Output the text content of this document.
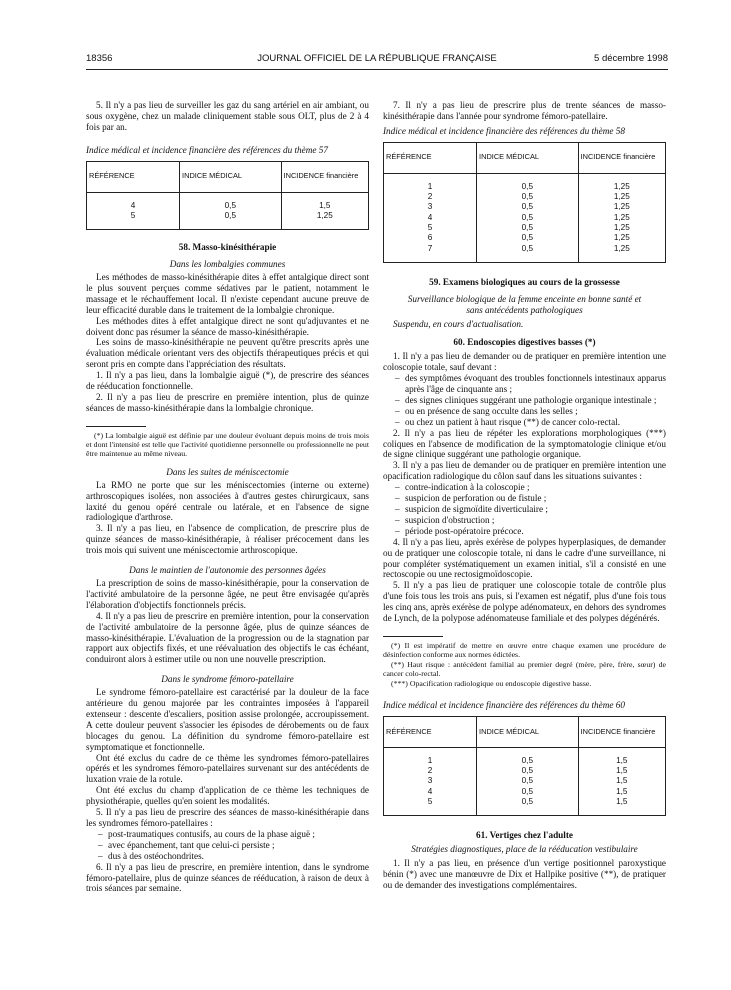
18356	JOURNAL OFFICIEL DE LA RÉPUBLIQUE FRANÇAISE	5 décembre 1998

5. Il n'y a pas lieu de surveiller les gaz du sang artériel en air ambiant, ou sous oxygène, chez un malade cliniquement stable sous OLT, plus de 2 à 4 fois par an.

Indice médical et incidence financière des références du thème 57

RÉFÉRENCE	INDICE MÉDICAL	INCIDENCE financière

4	0,5	1,5
5	0,5	1,25

58. Masso-kinésithérapie

Dans les lombalgies communes

Les méthodes de masso-kinésithérapie dites à effet antalgique direct sont le plus souvent perçues comme sédatives par le patient, notamment le massage et le réchauffement local. Il n'existe cependant aucune preuve de leur efficacité durable dans le traitement de la lombalgie chronique.

Les méthodes dites à effet antalgique direct ne sont qu'adjuvantes et ne doivent donc pas résumer la séance de masso-kinésithérapie.

Les soins de masso-kinésithérapie ne peuvent qu'être prescrits après une évaluation médicale orientant vers des objectifs thérapeutiques précis et qui seront pris en compte dans l'appréciation des résultats.

1. Il n'y a pas lieu, dans la lombalgie aiguë (*), de prescrire des séances de rééducation fonctionnelle.

2. Il n'y a pas lieu de prescrire en première intention, plus de quinze séances de masso-kinésithérapie dans la lombalgie chronique.

(*) La lombalgie aiguë est définie par une douleur évoluant depuis moins de trois mois et dont l'intensité est telle que l'activité quotidienne personnelle ou professionnelle ne peut être maintenue au même niveau.

Dans les suites de méniscectomie

La RMO ne porte que sur les méniscectomies (interne ou externe) arthroscopiques isolées, non associées à d'autres gestes chirurgicaux, sans laxité du genou opéré centrale ou latérale, et en l'absence de signe radiologique d'arthrose.

3. Il n'y a pas lieu, en l'absence de complication, de prescrire plus de quinze séances de masso-kinésithérapie, à réaliser précocement dans les trois mois qui suivent une méniscectomie arthroscopique.

Dans le maintien de l'autonomie des personnes âgées

La prescription de soins de masso-kinésithérapie, pour la conservation de l'activité ambulatoire de la personne âgée, ne peut être envisagée qu'après l'élaboration d'objectifs fonctionnels précis.

4. Il n'y a pas lieu de prescrire en première intention, pour la conservation de l'activité ambulatoire de la personne âgée, plus de quinze séances de masso-kinésithérapie. L'évaluation de la progression ou de la stagnation par rapport aux objectifs fixés, et une réévaluation des objectifs le cas échéant, conduiront alors à estimer utile ou non une nouvelle prescription.

Dans le syndrome fémoro-patellaire

Le syndrome fémoro-patellaire est caractérisé par la douleur de la face antérieure du genou majorée par les contraintes imposées à l'appareil extenseur : descente d'escaliers, position assise prolongée, accroupissement. A cette douleur peuvent s'associer les épisodes de dérobements ou de faux blocages du genou. La définition du syndrome fémoro-patellaire est symptomatique et fonctionnelle.

Ont été exclus du cadre de ce thème les syndromes fémoro-patellaires opérés et les syndromes fémoro-patellaires survenant sur des antécédents de luxation vraie de la rotule.

Ont été exclus du champ d'application de ce thème les techniques de physiothérapie, quelles qu'en soient les modalités.

5. Il n'y a pas lieu de prescrire des séances de masso-kinésithérapie dans les syndromes fémoro-patellaires :

– post-traumatiques contusifs, au cours de la phase aiguë ;
– avec épanchement, tant que celui-ci persiste ;
– dus à des ostéochondrites.

6. Il n'y a pas lieu de prescrire, en première intention, dans le syndrome fémoro-patellaire, plus de quinze séances de rééducation, à raison de deux à trois séances par semaine.

7. Il n'y a pas lieu de prescrire plus de trente séances de masso-kinésithérapie dans l'année pour syndrome fémoro-patellaire.

Indice médical et incidence financière des références du thème 58

RÉFÉRENCE	INDICE MÉDICAL	INCIDENCE financière

1	0,5	1,25
2	0,5	1,25
3	0,5	1,25
4	0,5	1,25
5	0,5	1,25
6	0,5	1,25
7	0,5	1,25

59. Examens biologiques au cours de la grossesse

Surveillance biologique de la femme enceinte en bonne santé et sans antécédents pathologiques

Suspendu, en cours d'actualisation.

60. Endoscopies digestives basses (*)

1. Il n'y a pas lieu de demander ou de pratiquer en première intention une coloscopie totale, sauf devant :

– des symptômes évoquant des troubles fonctionnels intestinaux apparus après l'âge de cinquante ans ;
– des signes cliniques suggérant une pathologie organique intestinale ;
– ou en présence de sang occulte dans les selles ;
– ou chez un patient à haut risque (**) de cancer colo-rectal.

2. Il n'y a pas lieu de répéter les explorations morphologiques (***) coliques en l'absence de modification de la symptomatologie clinique et/ou de signe clinique suggérant une pathologie organique.

3. Il n'y a pas lieu de demander ou de pratiquer en première intention une opacification radiologique du côlon sauf dans les situations suivantes :

– contre-indication à la coloscopie ;
– suspicion de perforation ou de fistule ;
– suspicion de sigmoïdite diverticulaire ;
– suspicion d'obstruction ;
– période post-opératoire précoce.

4. Il n'y a pas lieu, après exérèse de polypes hyperplasiques, de demander ou de pratiquer une coloscopie totale, ni dans le cadre d'une surveillance, ni pour compléter systématiquement un examen initial, s'il a consisté en une rectoscopie ou une rectosigmoïdoscopie.

5. Il n'y a pas lieu de pratiquer une coloscopie totale de contrôle plus d'une fois tous les trois ans puis, si l'examen est négatif, plus d'une fois tous les cinq ans, après exérèse de polype adénomateux, en dehors des syndromes de Lynch, de la polypose adénomateuse familiale et des polypes dégénérés.

(*) Il est impératif de mettre en œuvre entre chaque examen une procédure de désinfection conforme aux normes édictées.

(**) Haut risque : antécédent familial au premier degré (mère, père, frère, sœur) de cancer colo-rectal.

(***) Opacification radiologique ou endoscopie digestive basse.

Indice médical et incidence financière des références du thème 60

RÉFÉRENCE	INDICE MÉDICAL	INCIDENCE financière

1	0,5	1,5
2	0,5	1,5
3	0,5	1,5
4	0,5	1,5
5	0,5	1,5

61. Vertiges chez l'adulte

Stratégies diagnostiques, place de la rééducation vestibulaire

1. Il n'y a pas lieu, en présence d'un vertige positionnel paroxystique bénin (*) avec une manœuvre de Dix et Hallpike positive (**), de pratiquer ou de demander des investigations complémentaires.
